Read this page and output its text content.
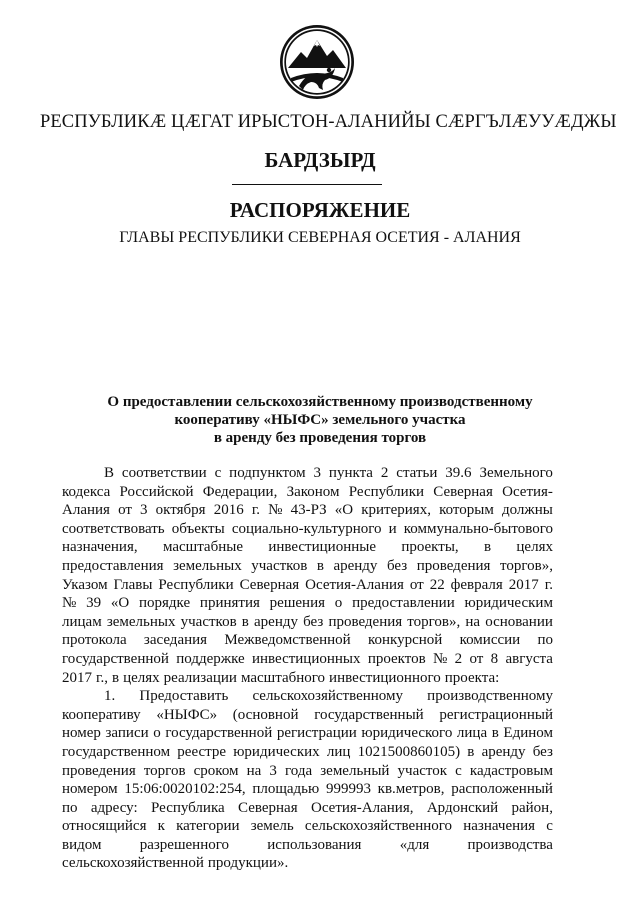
РЕСПУБЛИКӔ ЦӔГАТ ИРЫСТОН-АЛАНИЙЫ СӔРГЪЛӔУУӔДЖЫ
БАРДЗЫРД
РАСПОРЯЖЕНИЕ
ГЛАВЫ РЕСПУБЛИКИ СЕВЕРНАЯ ОСЕТИЯ - АЛАНИЯ
О предоставлении сельскохозяйственному производственному
кооперативу «НЫФС» земельного участка
в аренду без проведения торгов
В соответствии с подпунктом 3 пункта 2 статьи 39.6 Земельного
кодекса Российской Федерации, Законом Республики Северная Осетия-
Алания от 3 октября 2016 г. № 43-РЗ «О критериях, которым должны
соответствовать объекты социально-культурного и коммунально-бытового
назначения, масштабные инвестиционные проекты, в целях
предоставления земельных участков в аренду без проведения торгов»,
Указом Главы Республики Северная Осетия-Алания от 22 февраля 2017 г.
№ 39 «О порядке принятия решения о предоставлении юридическим
лицам земельных участков в аренду без проведения торгов», на основании
протокола заседания Межведомственной конкурсной комиссии по
государственной поддержке инвестиционных проектов № 2 от 8 августа
2017 г., в целях реализации масштабного инвестиционного проекта:
1. Предоставить сельскохозяйственному производственному
кооперативу «НЫФС» (основной государственный регистрационный
номер записи о государственной регистрации юридического лица в Едином
государственном реестре юридических лиц 1021500860105) в аренду без
проведения торгов сроком на 3 года земельный участок с кадастровым
номером 15:06:0020102:254, площадью 999993 кв.метров, расположенный
по адресу: Республика Северная Осетия-Алания, Ардонский район,
относящийся к категории земель сельскохозяйственного назначения с
видом	разрешенного	использования	«для	производства
сельскохозяйственной продукции».
